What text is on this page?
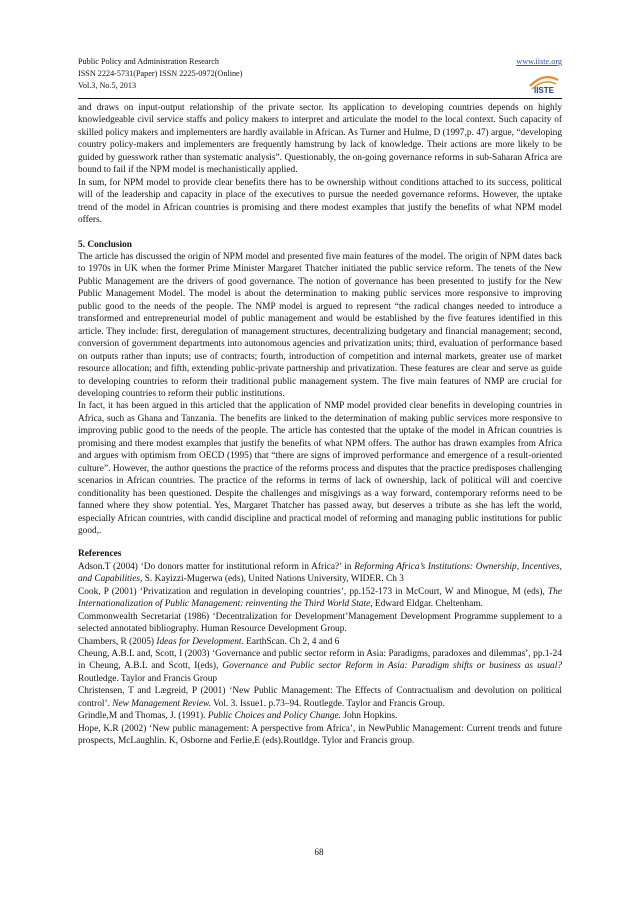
Public Policy and Administration Research
ISSN 2224-5731(Paper) ISSN 2225-0972(Online)
Vol.3, No.5, 2013
www.iiste.org
IISTE

and draws on input-output relationship of the private sector. Its application to developing countries depends on highly knowledgeable civil service staffs and policy makers to interpret and articulate the model to the local context. Such capacity of skilled policy makers and implementers are hardly available in African. As Turner and Hulme, D (1997,p. 47) argue, “developing country policy-makers and implementers are frequently hamstrung by lack of knowledge. Their actions are more likely to be guided by guesswork rather than systematic analysis”. Questionably, the on-going governance reforms in sub-Saharan Africa are bound to fail if the NPM model is mechanistically applied.

In sum, for NPM model to provide clear benefits there has to be ownership without conditions attached to its success, political will of the leadership and capacity in place of the executives to pursue the needed governance reforms. However, the uptake trend of the model in African countries is promising and there modest examples that justify the benefits of what NPM model offers.

5. Conclusion

The article has discussed the origin of NPM model and presented five main features of the model. The origin of NPM dates back to 1970s in UK when the former Prime Minister Margaret Thatcher initiated the public service reform. The tenets of the New Public Management are the drivers of good governance. The notion of governance has been presented to justify for the New Public Management Model. The model is about the determination to making public services more responsive to improving public good to the needs of the people. The NMP model is argued to represent “the radical changes needed to introduce a transformed and entrepreneurial model of public management and would be established by the five features identified in this article. They include: first, deregulation of management structures, decentralizing budgetary and financial management; second, conversion of government departments into autonomous agencies and privatization units; third, evaluation of performance based on outputs rather than inputs; use of contracts; fourth, introduction of competition and internal markets, greater use of market resource allocation; and fifth, extending public-private partnership and privatization. These features are clear and serve as guide to developing countries to reform their traditional public management system. The five main features of NMP are crucial for developing countries to reform their public institutions.

In fact, it has been argued in this articled that the application of NMP model provided clear benefits in developing countries in Africa, such as Ghana and Tanzania. The benefits are linked to the determination of making public services more responsive to improving public good to the needs of the people. The article has contested that the uptake of the model in African countries is promising and there modest examples that justify the benefits of what NPM offers. The author has drawn examples from Africa and argues with optimism from OECD (1995) that “there are signs of improved performance and emergence of a result-oriented culture”. However, the author questions the practice of the reforms process and disputes that the practice predisposes challenging scenarios in African countries. The practice of the reforms in terms of lack of ownership, lack of political will and coercive conditionality has been questioned. Despite the challenges and misgivings as a way forward, contemporary reforms need to be fanned where they show potential. Yes, Margaret Thatcher has passed away, but deserves a tribute as she has left the world, especially African countries, with candid discipline and practical model of reforming and managing public institutions for public good,.

References

Adson.T (2004) ‘Do donors matter for institutional reform in Africa?’ in Reforming Africa’s Institutions: Ownership, Incentives, and Capabilities, S. Kayizzi-Mugerwa (eds), United Nations University, WIDER. Ch 3

Cook, P (2001) ‘Privatization and regulation in developing countries’, pp.152-173 in McCourt, W and Minogue, M (eds), The Internationalization of Public Management: reinventing the Third World State, Edward Eldgar. Cheltenham.

Commonwealth Secretariat (1986) ‘Decentralization for Development’Management Development Programme supplement to a selected annotated bibliography. Human Resource Development Group.

Chambers, R (2005) Ideas for Development. EarthScan. Ch 2, 4 and 6

Cheung, A.B.L and, Scott, I (2003) ‘Governance and public sector reform in Asia: Paradigms, paradoxes and dilemmas’, pp.1-24 in Cheung, A.B.L and Scott, I(eds), Governance and Public sector Reform in Asia: Paradigm shifts or business as usual? Routledge. Taylor and Francis Group

Christensen, T and Lægreid, P (2001) ‘New Public Management: The Effects of Contractualism and devolution on political control’. New Management Review. Vol. 3. Issue1. p.73–94. Routlegde. Taylor and Francis Group.

Grindle,M and Thomas, J. (1991). Public Choices and Policy Change. John Hopkins.

Hope, K.R (2002) ‘New public management: A perspective from Africa’, in NewPublic Management: Current trends and future prospects, McLaughlin. K, Osborne and Ferlie,E (eds).Routldge. Tylor and Francis group.

68
